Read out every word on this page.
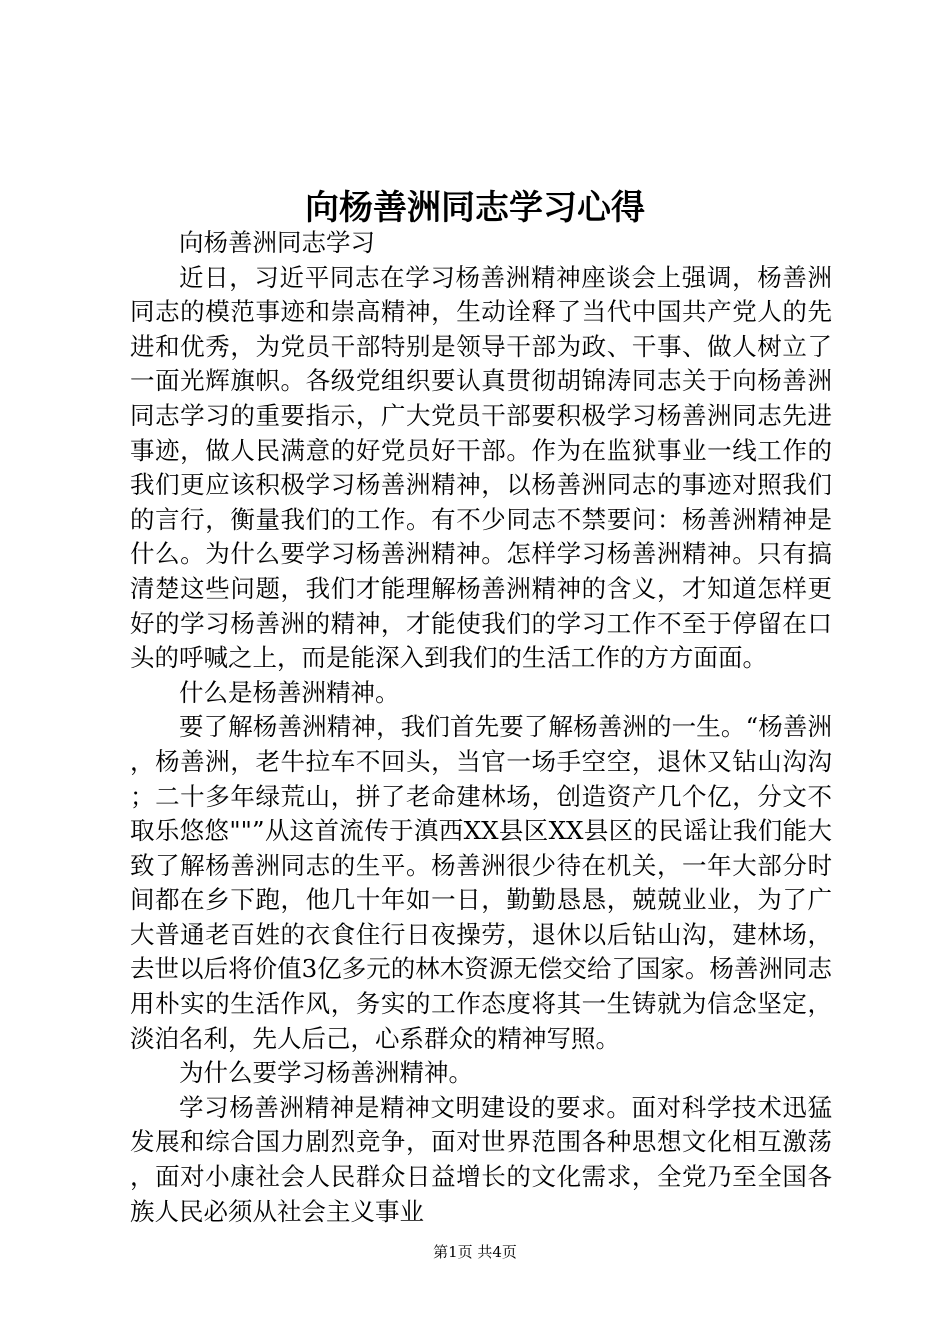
向杨善洲同志学习心得

向杨善洲同志学习

近日，习近平同志在学习杨善洲精神座谈会上强调，杨善洲同志的模范事迹和崇高精神，生动诠释了当代中国共产党人的先进和优秀，为党员干部特别是领导干部为政、干事、做人树立了一面光辉旗帜。各级党组织要认真贯彻胡锦涛同志关于向杨善洲同志学习的重要指示，广大党员干部要积极学习杨善洲同志先进事迹，做人民满意的好党员好干部。作为在监狱事业一线工作的我们更应该积极学习杨善洲精神，以杨善洲同志的事迹对照我们的言行，衡量我们的工作。有不少同志不禁要问：杨善洲精神是什么。为什么要学习杨善洲精神。怎样学习杨善洲精神。只有搞清楚这些问题，我们才能理解杨善洲精神的含义，才知道怎样更好的学习杨善洲的精神，才能使我们的学习工作不至于停留在口头的呼喊之上，而是能深入到我们的生活工作的方方面面。

什么是杨善洲精神。

要了解杨善洲精神，我们首先要了解杨善洲的一生。“杨善洲，杨善洲，老牛拉车不回头，当官一场手空空，退休又钻山沟沟；二十多年绿荒山，拼了老命建林场，创造资产几个亿，分文不取乐悠悠""”从这首流传于滇西XX县区XX县区的民谣让我们能大致了解杨善洲同志的生平。杨善洲很少待在机关，一年大部分时间都在乡下跑，他几十年如一日，勤勤恳恳，兢兢业业，为了广大普通老百姓的衣食住行日夜操劳，退休以后钻山沟，建林场，去世以后将价值3亿多元的林木资源无偿交给了国家。杨善洲同志用朴实的生活作风，务实的工作态度将其一生铸就为信念坚定，淡泊名利，先人后己，心系群众的精神写照。

为什么要学习杨善洲精神。

学习杨善洲精神是精神文明建设的要求。面对科学技术迅猛发展和综合国力剧烈竞争，面对世界范围各种思想文化相互激荡，面对小康社会人民群众日益增长的文化需求，全党乃至全国各族人民必须从社会主义事业

第1页 共4页
